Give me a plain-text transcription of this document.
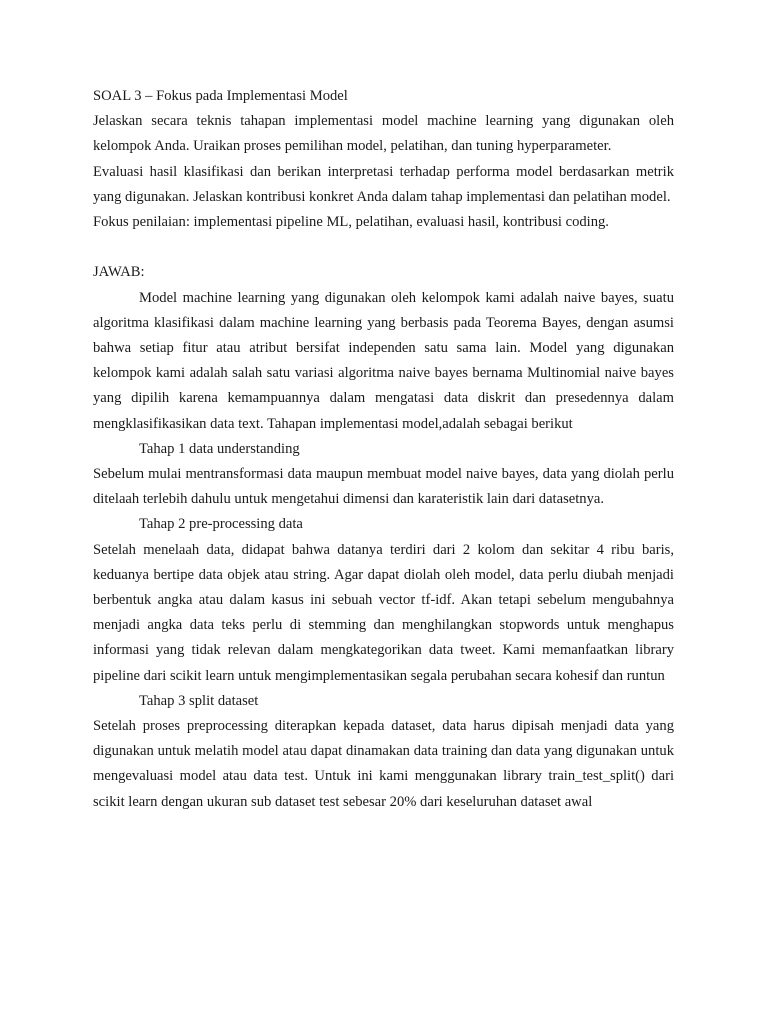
SOAL 3 – Fokus pada Implementasi Model

Jelaskan secara teknis tahapan implementasi model machine learning yang digunakan oleh kelompok Anda. Uraikan proses pemilihan model, pelatihan, dan tuning hyperparameter.

Evaluasi hasil klasifikasi dan berikan interpretasi terhadap performa model berdasarkan metrik yang digunakan. Jelaskan kontribusi konkret Anda dalam tahap implementasi dan pelatihan model.

Fokus penilaian: implementasi pipeline ML, pelatihan, evaluasi hasil, kontribusi coding.

JAWAB:

Model machine learning yang digunakan oleh kelompok kami adalah naive bayes, suatu algoritma klasifikasi dalam machine learning yang berbasis pada Teorema Bayes, dengan asumsi bahwa setiap fitur atau atribut bersifat independen satu sama lain. Model yang digunakan kelompok kami adalah salah satu variasi algoritma naive bayes bernama Multinomial naive bayes yang dipilih karena kemampuannya dalam mengatasi data diskrit dan presedennya dalam mengklasifikasikan data text. Tahapan implementasi model,adalah sebagai berikut

Tahap 1 data understanding

Sebelum mulai mentransformasi data maupun membuat model naive bayes, data yang diolah perlu ditelaah terlebih dahulu untuk mengetahui dimensi dan karateristik lain dari datasetnya.

Tahap 2 pre-processing data

Setelah menelaah data, didapat bahwa datanya terdiri dari 2 kolom dan sekitar 4 ribu baris, keduanya bertipe data objek atau string. Agar dapat diolah oleh model, data perlu diubah menjadi berbentuk angka atau dalam kasus ini sebuah vector tf-idf. Akan tetapi sebelum mengubahnya menjadi angka data teks perlu di stemming dan menghilangkan stopwords untuk menghapus informasi yang tidak relevan dalam mengkategorikan data tweet. Kami memanfaatkan library pipeline dari scikit learn untuk mengimplementasikan segala perubahan secara kohesif dan runtun

Tahap 3 split dataset

Setelah proses preprocessing diterapkan kepada dataset, data harus dipisah menjadi data yang digunakan untuk melatih model atau dapat dinamakan data training dan data yang digunakan untuk mengevaluasi model atau data test. Untuk ini kami menggunakan library train_test_split() dari scikit learn dengan ukuran sub dataset test sebesar 20% dari keseluruhan dataset awal
